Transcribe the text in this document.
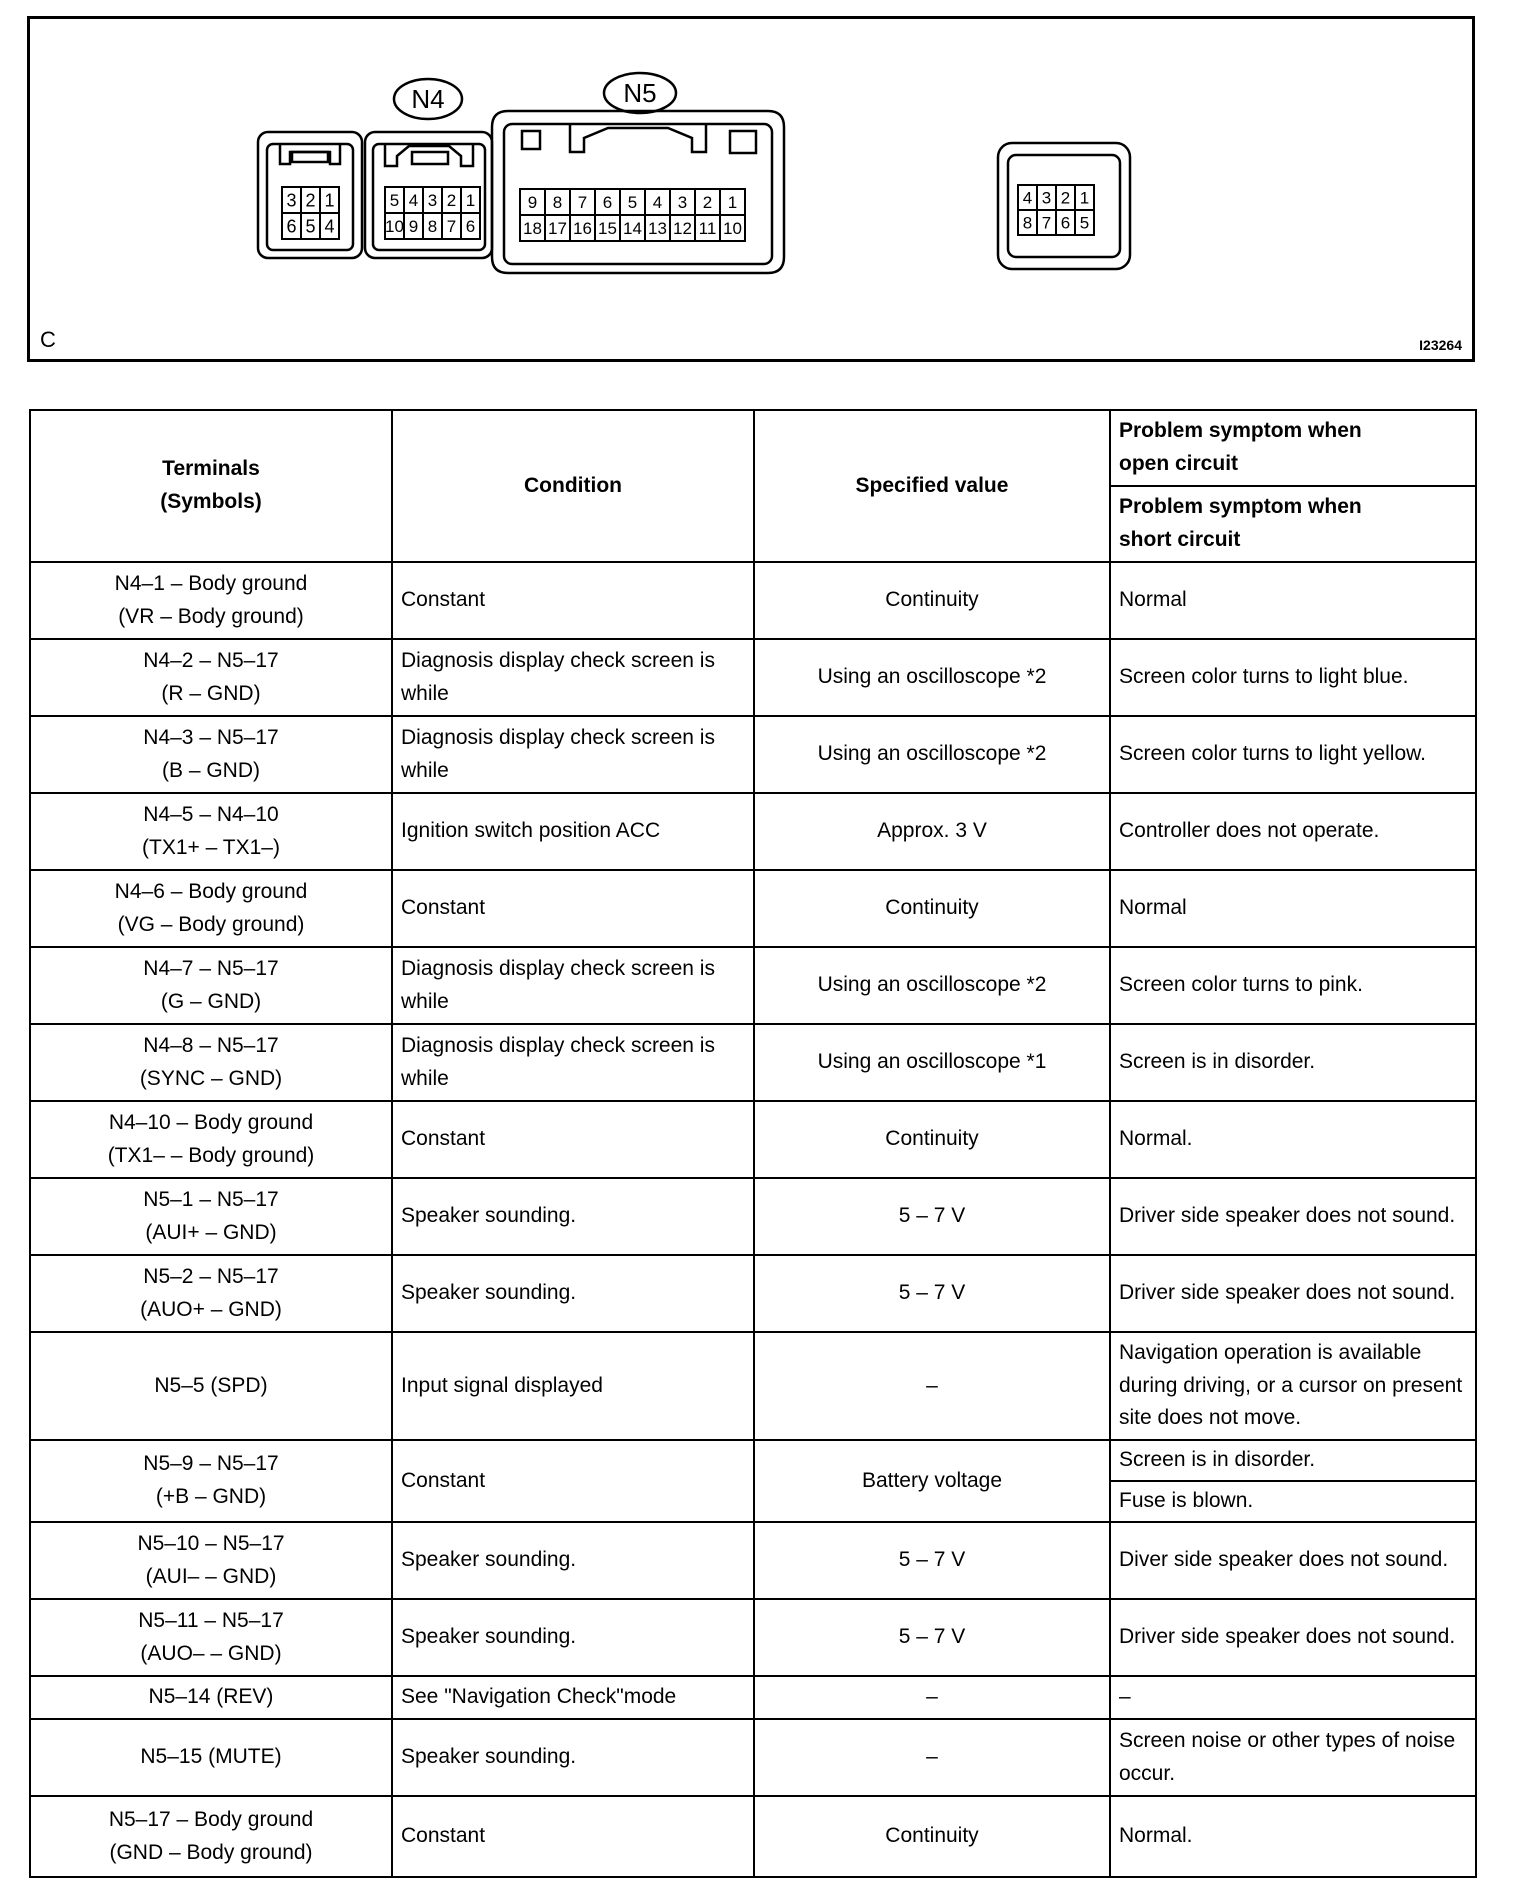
N4	N5
3 2 1
6 5 4
5 4 3 2 1
10 9 8 7 6
9 8 7 6 5 4 3 2 1
18 17 16 15 14 13 12 11 10
4 3 2 1
8 7 6 5
C	I23264
Terminals
(Symbols)	Condition	Specified value	Problem symptom when
open circuit

			Problem symptom when
short circuit

N4–1 – Body ground
(VR – Body ground)	Constant	Continuity	Normal

N4–2 – N5–17
(R – GND)	Diagnosis display check screen is while	Using an oscilloscope *2	Screen color turns to light blue.

N4–3 – N5–17
(B – GND)	Diagnosis display check screen is while	Using an oscilloscope *2	Screen color turns to light yellow.

N4–5 – N4–10
(TX1+ – TX1–)	Ignition switch position ACC	Approx. 3 V	Controller does not operate.

N4–6 – Body ground
(VG – Body ground)	Constant	Continuity	Normal

N4–7 – N5–17
(G – GND)	Diagnosis display check screen is while	Using an oscilloscope *2	Screen color turns to pink.

N4–8 – N5–17
(SYNC – GND)	Diagnosis display check screen is while	Using an oscilloscope *1	Screen is in disorder.

N4–10 – Body ground
(TX1– – Body ground)	Constant	Continuity	Normal.

N5–1 – N5–17
(AUI+ – GND)	Speaker sounding.	5 – 7 V	Driver side speaker does not sound.

N5–2 – N5–17
(AUO+ – GND)	Speaker sounding.	5 – 7 V	Driver side speaker does not sound.

N5–5 (SPD)	Input signal displayed	–	Navigation operation is available during driving, or a cursor on present site does not move.

N5–9 – N5–17
(+B – GND)	Constant	Battery voltage	Screen is in disorder.
			Fuse is blown.

N5–10 – N5–17
(AUI– – GND)	Speaker sounding.	5 – 7 V	Diver side speaker does not sound.

N5–11 – N5–17
(AUO– – GND)	Speaker sounding.	5 – 7 V	Driver side speaker does not sound.

N5–14 (REV)	See "Navigation Check"mode	–	–

N5–15 (MUTE)	Speaker sounding.	–	Screen noise or other types of noise occur.

N5–17 – Body ground
(GND – Body ground)	Constant	Continuity	Normal.
